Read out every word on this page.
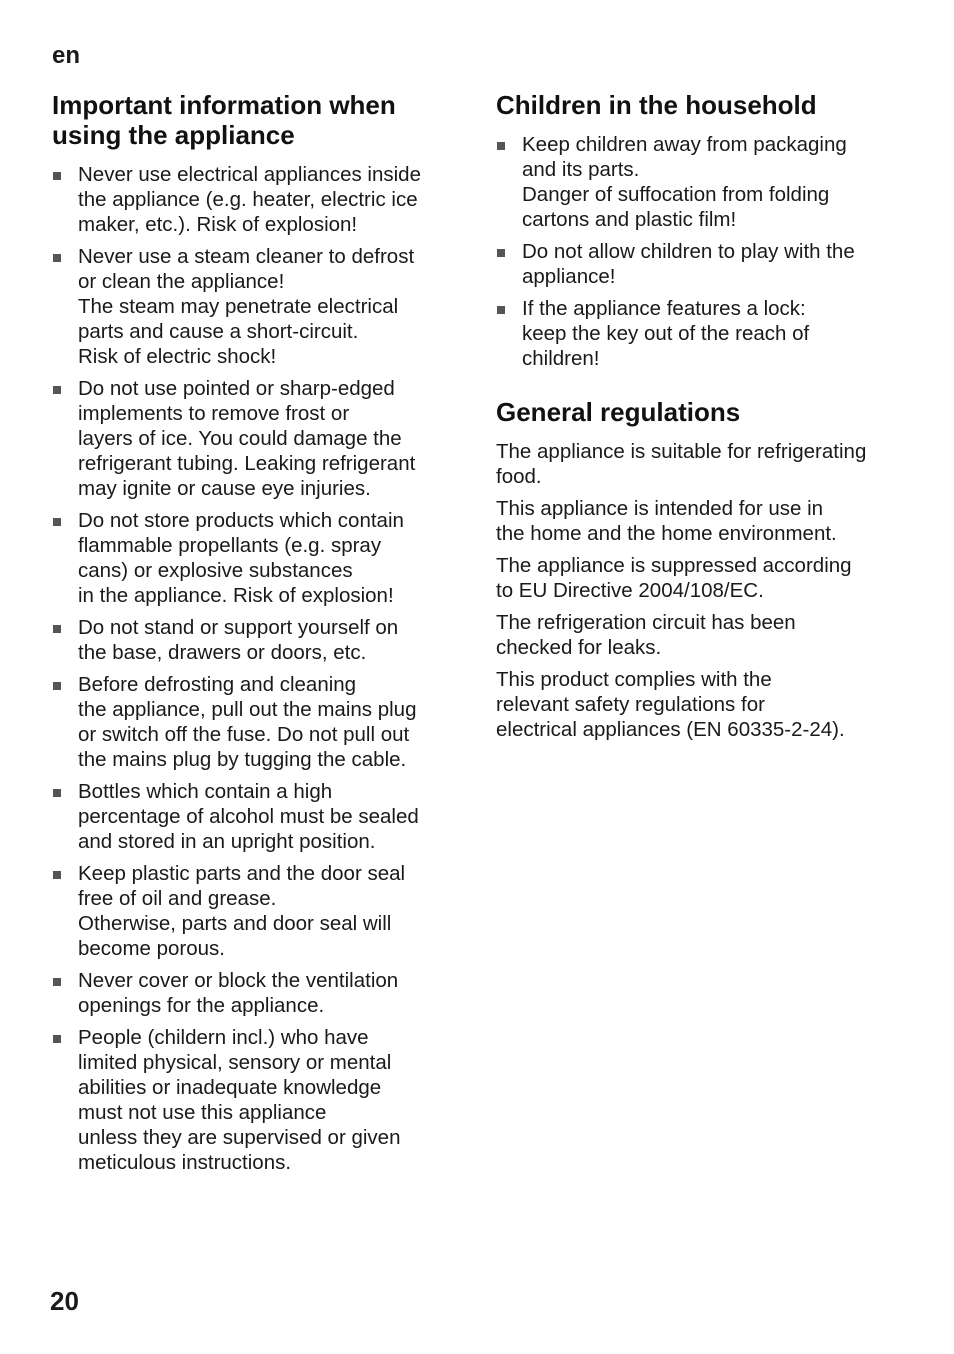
en
Important information when using the appliance
Never use electrical appliances inside
the appliance (e.g. heater, electric ice
maker, etc.). Risk of explosion!
Never use a steam cleaner to defrost
or clean the appliance!
The steam may penetrate electrical
parts and cause a short-circuit.
Risk of electric shock!
Do not use pointed or sharp-edged
implements to remove frost or
layers of ice. You could damage the
refrigerant tubing. Leaking refrigerant
may ignite or cause eye injuries.
Do not store products which contain
flammable propellants (e.g. spray
cans) or explosive substances
in the appliance. Risk of explosion!
Do not stand or support yourself on
the base, drawers or doors, etc.
Before defrosting and cleaning
the appliance, pull out the mains plug
or switch off the fuse. Do not pull out
the mains plug by tugging the cable.
Bottles which contain a high
percentage of alcohol must be sealed
and stored in an upright position.
Keep plastic parts and the door seal
free of oil and grease.
Otherwise, parts and door seal will
become porous.
Never cover or block the ventilation
openings for the appliance.
People (childern incl.) who have
limited physical, sensory or mental
abilities or inadequate knowledge
must not use this appliance
unless they are supervised or given
meticulous instructions.
Children in the household
Keep children away from packaging
and its parts.
Danger of suffocation from folding
cartons and plastic film!
Do not allow children to play with the
appliance!
If the appliance features a lock:
keep the key out of the reach of
children!
General regulations

The appliance is suitable for refrigerating
food.

This appliance is intended for use in
the home and the home environment.

The appliance is suppressed according
to EU Directive 2004/108/EC.

The refrigeration circuit has been
checked for leaks.

This product complies with the
relevant safety regulations for
electrical appliances (EN 60335-2-24).

20
